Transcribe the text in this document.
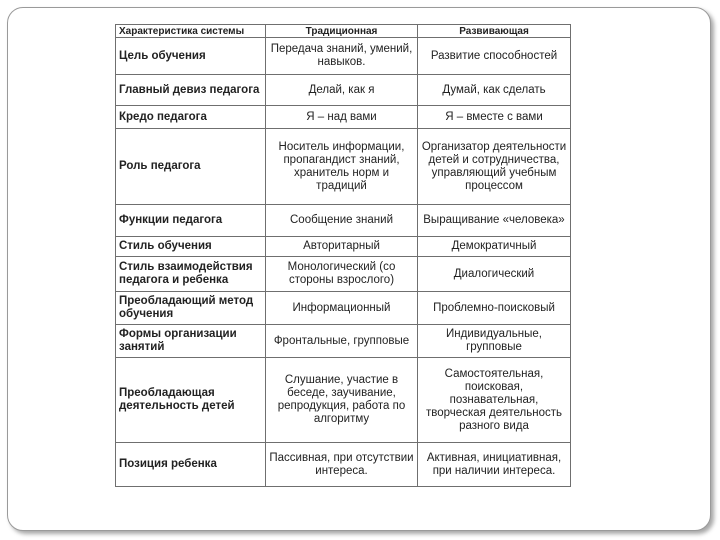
Характеристика системы	Традиционная	Развивающая
Цель обучения	Передача знаний, умений, навыков.	Развитие способностей
Главный девиз педагога	Делай, как я	Думай, как сделать
Кредо педагога	Я – над вами	Я – вместе с вами
Роль педагога	Носитель информации, пропагандист знаний, хранитель норм и традиций	Организатор деятельности детей и сотрудничества, управляющий учебным процессом
Функции педагога	Сообщение знаний	Выращивание «человека»
Стиль обучения	Авторитарный	Демократичный
Стиль взаимодействия педагога и ребенка	Монологический (со стороны взрослого)	Диалогический
Преобладающий метод обучения	Информационный	Проблемно-поисковый
Формы организации занятий	Фронтальные, групповые	Индивидуальные, групповые
Преобладающая деятельность детей	Слушание, участие в беседе, заучивание, репродукция, работа по алгоритму	Самостоятельная, поисковая, познавательная, творческая деятельность разного вида
Позиция ребенка	Пассивная, при отсутствии интереса.	Активная, инициативная, при наличии интереса.
